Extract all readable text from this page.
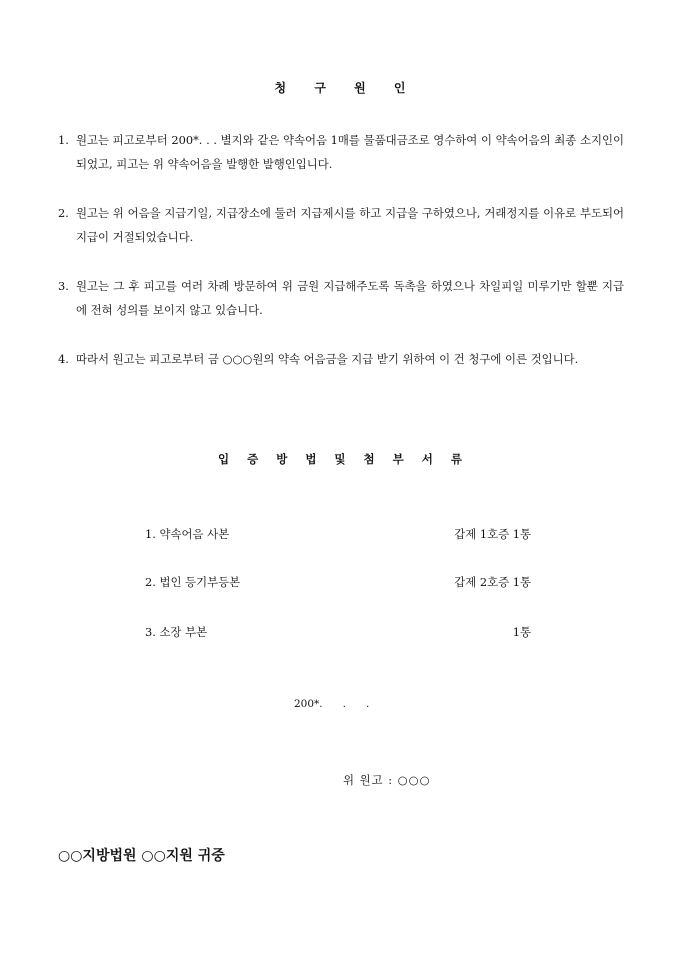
청 구 원 인
1. 원고는 피고로부터 200*. . . 별지와 같은 약속어음 1매를 물품대금조로 영수하여 이 약속어음의 최종 소지인이 되었고, 피고는 위 약속어음을 발행한 발행인입니다.
2. 원고는 위 어음을 지급기일, 지급장소에 둘러 지급제시를 하고 지급을 구하였으나, 거래정지를 이유로 부도되어 지급이 거절되었습니다.
3. 원고는 그 후 피고를 여러 차례 방문하여 위 금원 지급해주도록 독촉을 하였으나 차일피일 미루기만 할뿐 지급에 전혀 성의를 보이지 않고 있습니다.
4. 따라서 원고는 피고로부터 금 ○○○원의 약속 어음금을 지급 받기 위하여 이 건 청구에 이른 것입니다.
입 증 방 법 및 첨 부 서 류
1. 약속어음 사본	갑제 1호증 1통
2. 법인 등기부등본	갑제 2호증 1통
3. 소장 부본	1통
200*.      .      .
위 원고 : ○○○
○○지방법원 ○○지원 귀중
